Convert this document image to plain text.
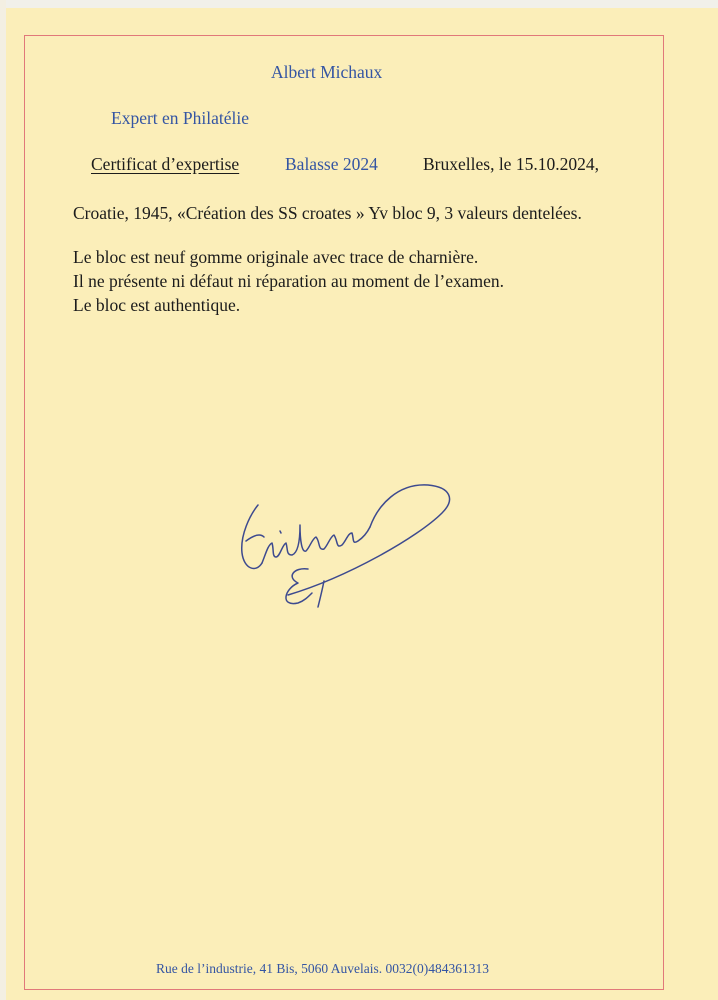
Albert Michaux
Expert en Philatélie
Certificat d’expertise	Balasse 2024	Bruxelles, le 15.10.2024,
Croatie, 1945, «Création des SS croates » Yv bloc 9, 3 valeurs dentelées.
Le bloc est neuf gomme originale avec trace de charnière.
Il ne présente ni défaut ni réparation au moment de l’examen.
Le bloc est authentique.
Rue de l’industrie, 41 Bis, 5060 Auvelais. 0032(0)484361313
